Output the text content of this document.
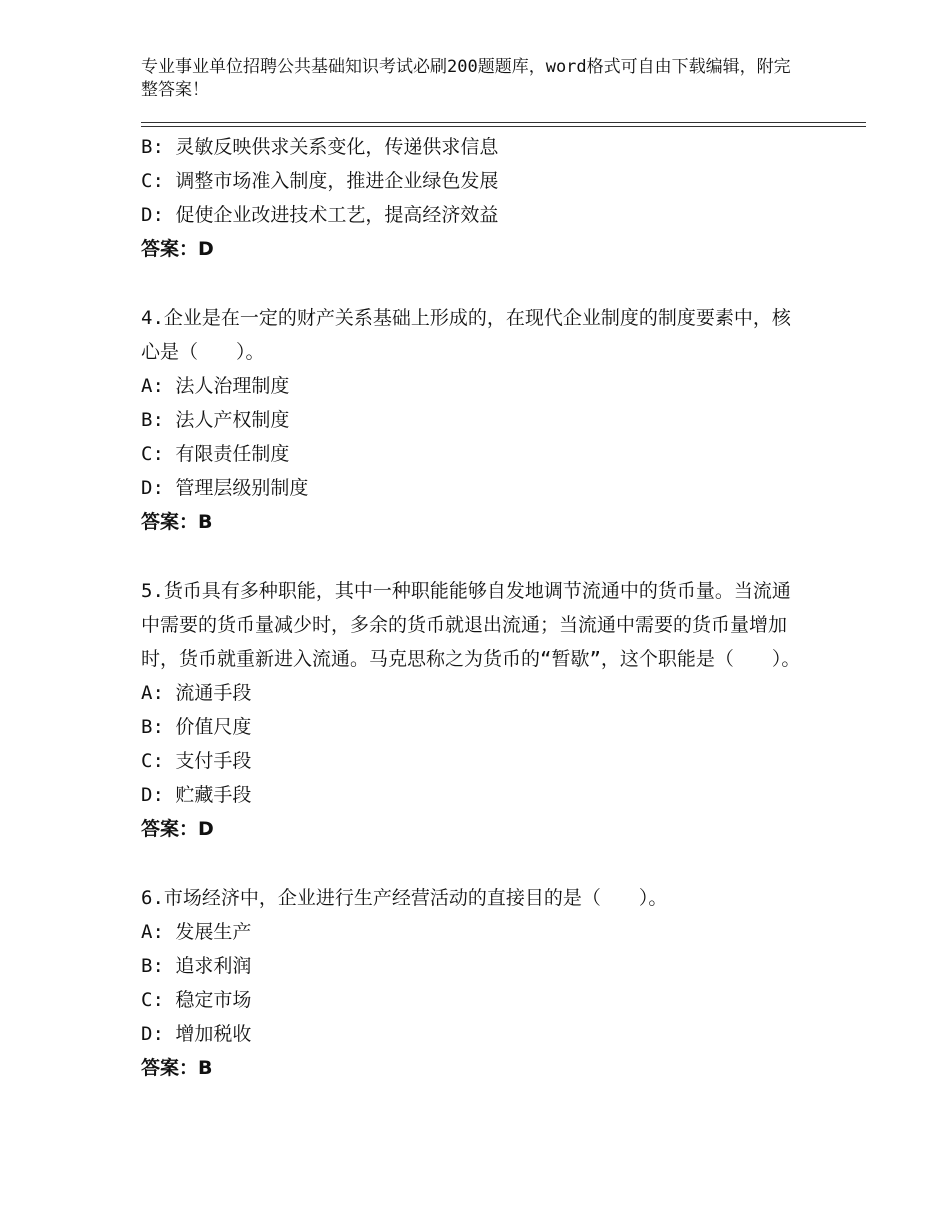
专业事业单位招聘公共基础知识考试必刷200题题库，word格式可自由下载编辑，附完整答案！
B: 灵敏反映供求关系变化，传递供求信息
C: 调整市场准入制度，推进企业绿色发展
D: 促使企业改进技术工艺，提高经济效益
答案：D
4.企业是在一定的财产关系基础上形成的，在现代企业制度的制度要素中，核心是（　　）。
A: 法人治理制度
B: 法人产权制度
C: 有限责任制度
D: 管理层级别制度
答案：B
5.货币具有多种职能，其中一种职能能够自发地调节流通中的货币量。当流通中需要的货币量减少时，多余的货币就退出流通；当流通中需要的货币量增加时，货币就重新进入流通。马克思称之为货币的“暂歇”，这个职能是（　　）。
A: 流通手段
B: 价值尺度
C: 支付手段
D: 贮藏手段
答案：D
6.市场经济中，企业进行生产经营活动的直接目的是（　　）。
A: 发展生产
B: 追求利润
C: 稳定市场
D: 增加税收
答案：B
